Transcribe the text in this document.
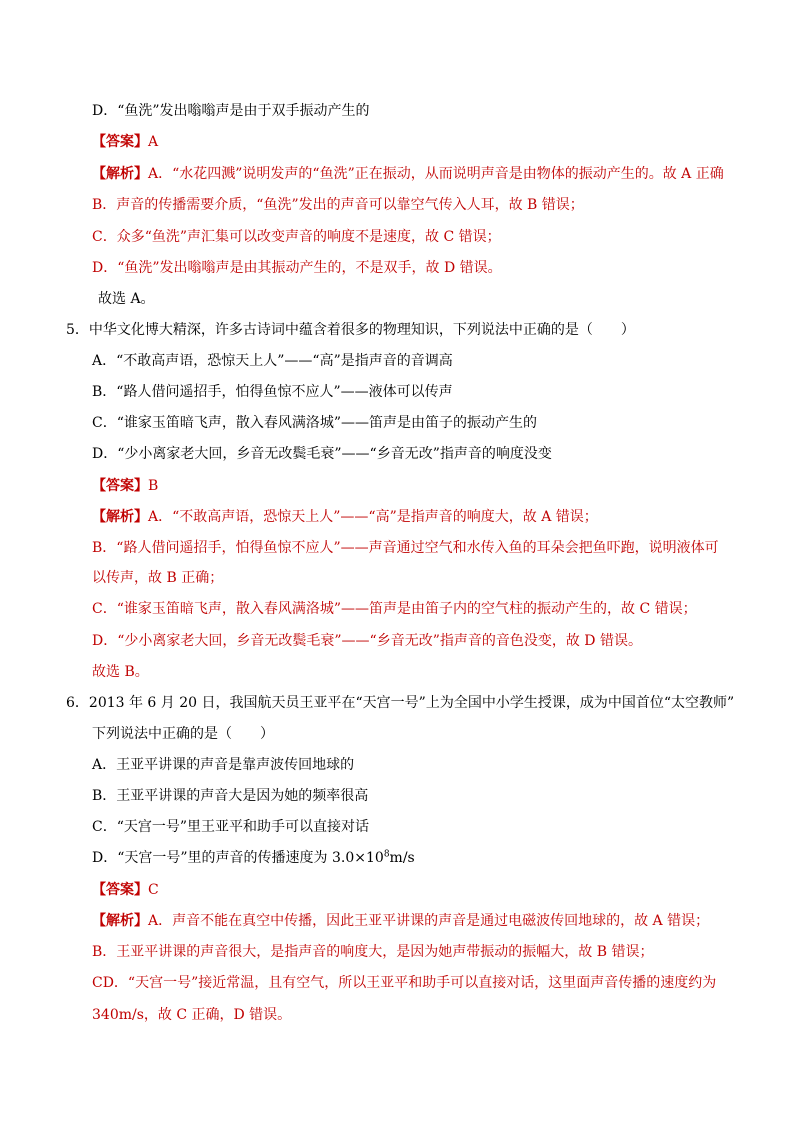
D．“鱼洗”发出嗡嗡声是由于双手振动产生的
【答案】A
【解析】A．“水花四溅”说明发声的“鱼洗”正在振动，从而说明声音是由物体的振动产生的。故 A 正确
B．声音的传播需要介质，“鱼洗”发出的声音可以靠空气传入人耳，故 B 错误；
C．众多“鱼洗”声汇集可以改变声音的响度不是速度，故 C 错误；
D．“鱼洗”发出嗡嗡声是由其振动产生的，不是双手，故 D 错误。
故选 A。
5．中华文化博大精深，许多古诗词中蕴含着很多的物理知识，下列说法中正确的是（　　）
A．“不敢高声语，恐惊天上人”——“高”是指声音的音调高
B．“路人借问遥招手，怕得鱼惊不应人”——液体可以传声
C．“谁家玉笛暗飞声，散入春风满洛城”——笛声是由笛子的振动产生的
D．“少小离家老大回，乡音无改鬓毛衰”——“乡音无改”指声音的响度没变
【答案】B
【解析】A．“不敢高声语，恐惊天上人”——“高”是指声音的响度大，故 A 错误；
B．“路人借问遥招手，怕得鱼惊不应人”——声音通过空气和水传入鱼的耳朵会把鱼吓跑，说明液体可
以传声，故 B 正确；
C．“谁家玉笛暗飞声，散入春风满洛城”——笛声是由笛子内的空气柱的振动产生的，故 C 错误；
D．“少小离家老大回，乡音无改鬓毛衰”——“乡音无改”指声音的音色没变，故 D 错误。
故选 B。
6．2013 年 6 月 20 日，我国航天员王亚平在“天宫一号”上为全国中小学生授课，成为中国首位“太空教师”
下列说法中正确的是（　　）
A．王亚平讲课的声音是靠声波传回地球的
B．王亚平讲课的声音大是因为她的频率很高
C．“天宫一号”里王亚平和助手可以直接对话
D．“天宫一号”里的声音的传播速度为 $3.0\times 10^8m/s$
【答案】C
【解析】A．声音不能在真空中传播，因此王亚平讲课的声音是通过电磁波传回地球的，故 A 错误；
B．王亚平讲课的声音很大，是指声音的响度大，是因为她声带振动的振幅大，故 B 错误；
CD．“天宫一号”接近常温，且有空气，所以王亚平和助手可以直接对话，这里面声音传播的速度约为
340m/s，故 C 正确，D 错误。
